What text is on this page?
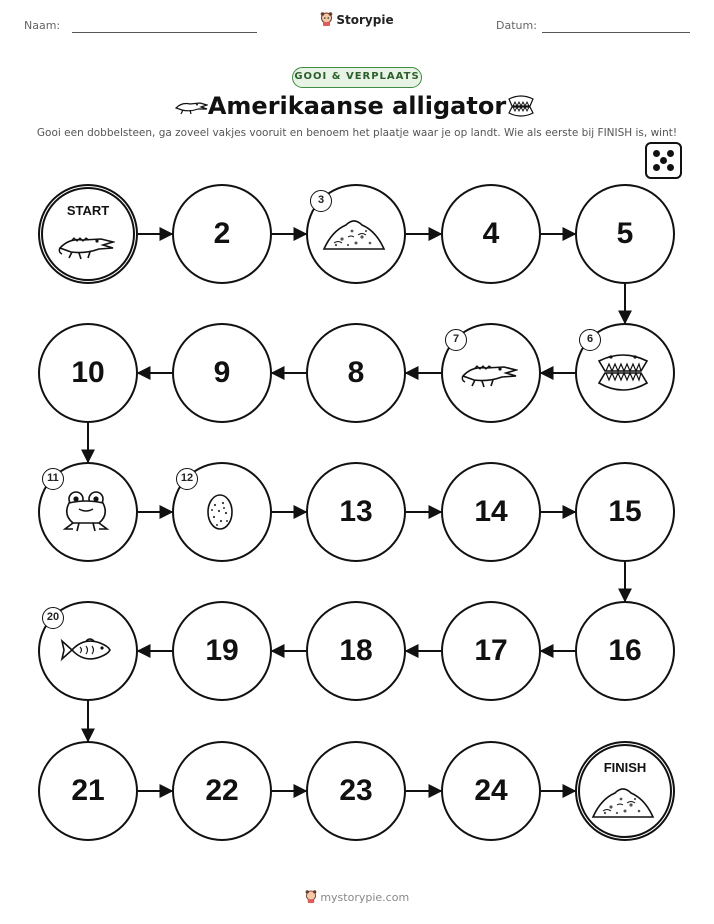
Naam:	Storypie	Datum:
GOOI & VERPLAATS
Amerikaanse alligator
Gooi een dobbelsteen, ga zoveel vakjes vooruit en benoem het plaatje waar je op landt. Wie als eerste bij FINISH is, wint!
START
2
3
4	5
6
7
8
9
10
11	12
13	14	15
16
17
18
19
20
21	22	23	24
FINISH
mystorypie.com
